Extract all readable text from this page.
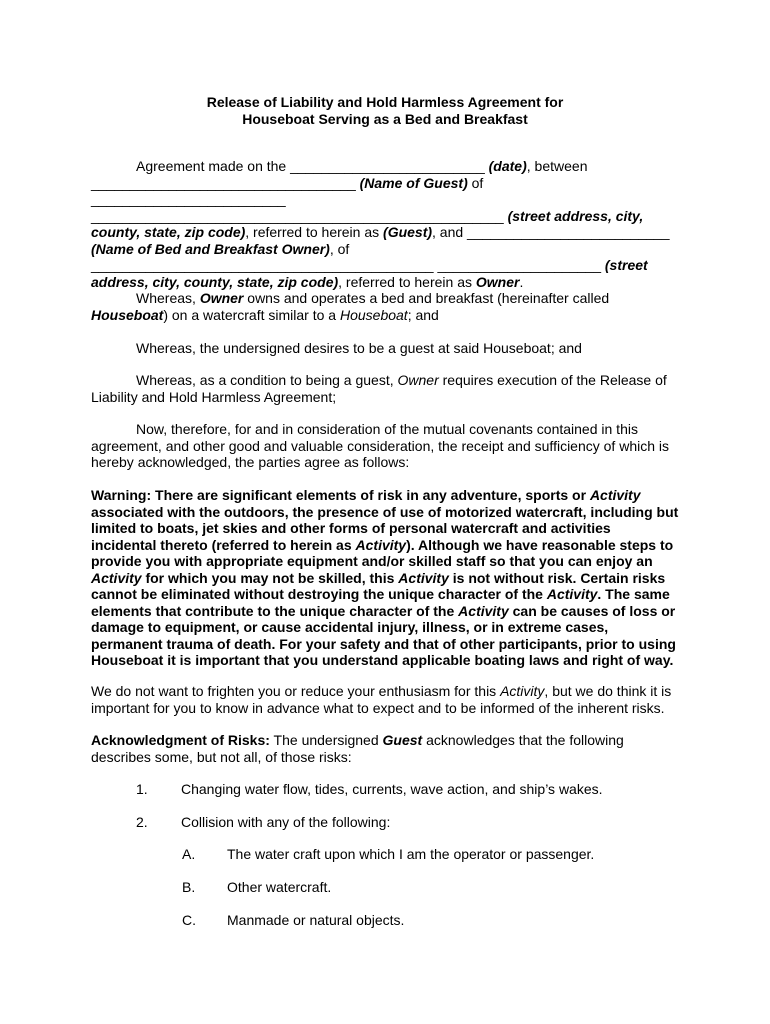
Release of Liability and Hold Harmless Agreement for
Houseboat Serving as a Bed and Breakfast

Agreement made on the _________________________ (date), between __________________________________ (Name of Guest) of _________________________ _____________________________________________________ (street address, city, county, state, zip code), referred to herein as (Guest), and __________________________ (Name of Bed and Breakfast Owner), of ____________________________________________ _____________________ (street address, city, county, state, zip code), referred to herein as Owner.

Whereas, Owner owns and operates a bed and breakfast (hereinafter called Houseboat) on a watercraft similar to a Houseboat; and

Whereas, the undersigned desires to be a guest at said Houseboat; and

Whereas, as a condition to being a guest, Owner requires execution of the Release of Liability and Hold Harmless Agreement;

Now, therefore, for and in consideration of the mutual covenants contained in this agreement, and other good and valuable consideration, the receipt and sufficiency of which is hereby acknowledged, the parties agree as follows:

Warning: There are significant elements of risk in any adventure, sports or Activity associated with the outdoors, the presence of use of motorized watercraft, including but limited to boats, jet skies and other forms of personal watercraft and activities incidental thereto (referred to herein as Activity). Although we have reasonable steps to provide you with appropriate equipment and/or skilled staff so that you can enjoy an Activity for which you may not be skilled, this Activity is not without risk. Certain risks cannot be eliminated without destroying the unique character of the Activity. The same elements that contribute to the unique character of the Activity can be causes of loss or damage to equipment, or cause accidental injury, illness, or in extreme cases, permanent trauma of death. For your safety and that of other participants, prior to using Houseboat it is important that you understand applicable boating laws and right of way.

We do not want to frighten you or reduce your enthusiasm for this Activity, but we do think it is important for you to know in advance what to expect and to be informed of the inherent risks.

Acknowledgment of Risks: The undersigned Guest acknowledges that the following describes some, but not all, of those risks:

1. Changing water flow, tides, currents, wave action, and ship’s wakes.
2. Collision with any of the following:
A. The water craft upon which I am the operator or passenger.
B. Other watercraft.
C. Manmade or natural objects.
